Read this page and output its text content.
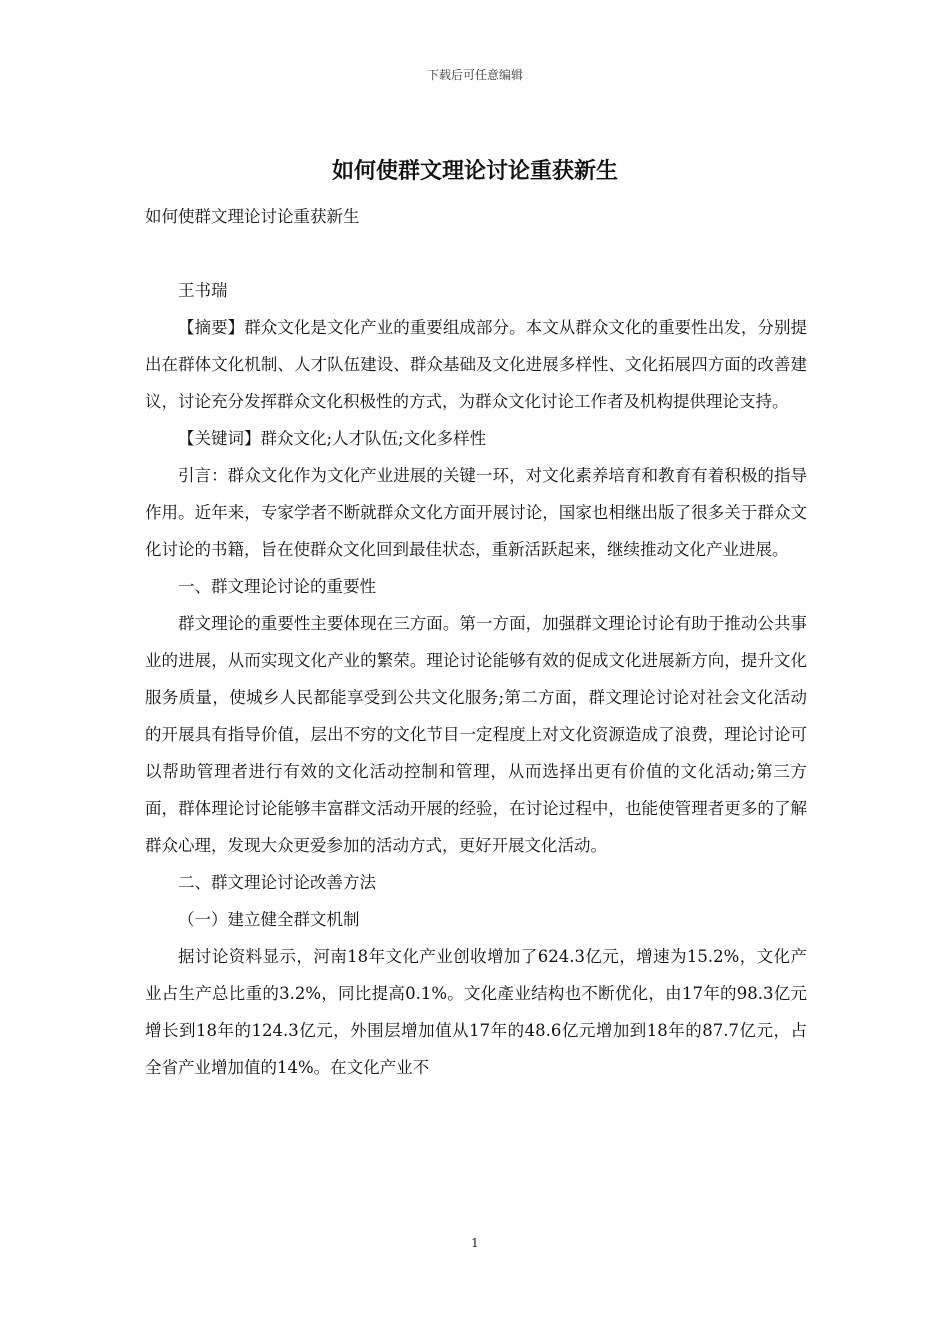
下载后可任意编辑
如何使群文理论讨论重获新生

如何使群文理论讨论重获新生

王书瑞

【摘要】群众文化是文化产业的重要组成部分。本文从群众文化的重要性出发，分别提出在群体文化机制、人才队伍建设、群众基础及文化进展多样性、文化拓展四方面的改善建议，讨论充分发挥群众文化积极性的方式，为群众文化讨论工作者及机构提供理论支持。

【关键词】群众文化;人才队伍;文化多样性

引言：群众文化作为文化产业进展的关键一环，对文化素养培育和教育有着积极的指导作用。近年来，专家学者不断就群众文化方面开展讨论，国家也相继出版了很多关于群众文化讨论的书籍，旨在使群众文化回到最佳状态，重新活跃起来，继续推动文化产业进展。

一、群文理论讨论的重要性

群文理论的重要性主要体现在三方面。第一方面，加强群文理论讨论有助于推动公共事业的进展，从而实现文化产业的繁荣。理论讨论能够有效的促成文化进展新方向，提升文化服务质量，使城乡人民都能享受到公共文化服务;第二方面，群文理论讨论对社会文化活动的开展具有指导价值，层出不穷的文化节目一定程度上对文化资源造成了浪费，理论讨论可以帮助管理者进行有效的文化活动控制和管理，从而选择出更有价值的文化活动;第三方面，群体理论讨论能够丰富群文活动开展的经验，在讨论过程中，也能使管理者更多的了解群众心理，发现大众更爱参加的活动方式，更好开展文化活动。

二、群文理论讨论改善方法

（一）建立健全群文机制

据讨论资料显示，河南18年文化产业创收增加了624.3亿元，增速为15.2%，文化产业占生产总比重的3.2%，同比提高0.1%。文化產业结构也不断优化，由17年的98.3亿元增长到18年的124.3亿元，外围层增加值从17年的48.6亿元增加到18年的87.7亿元，占全省产业增加值的14%。在文化产业不

1
